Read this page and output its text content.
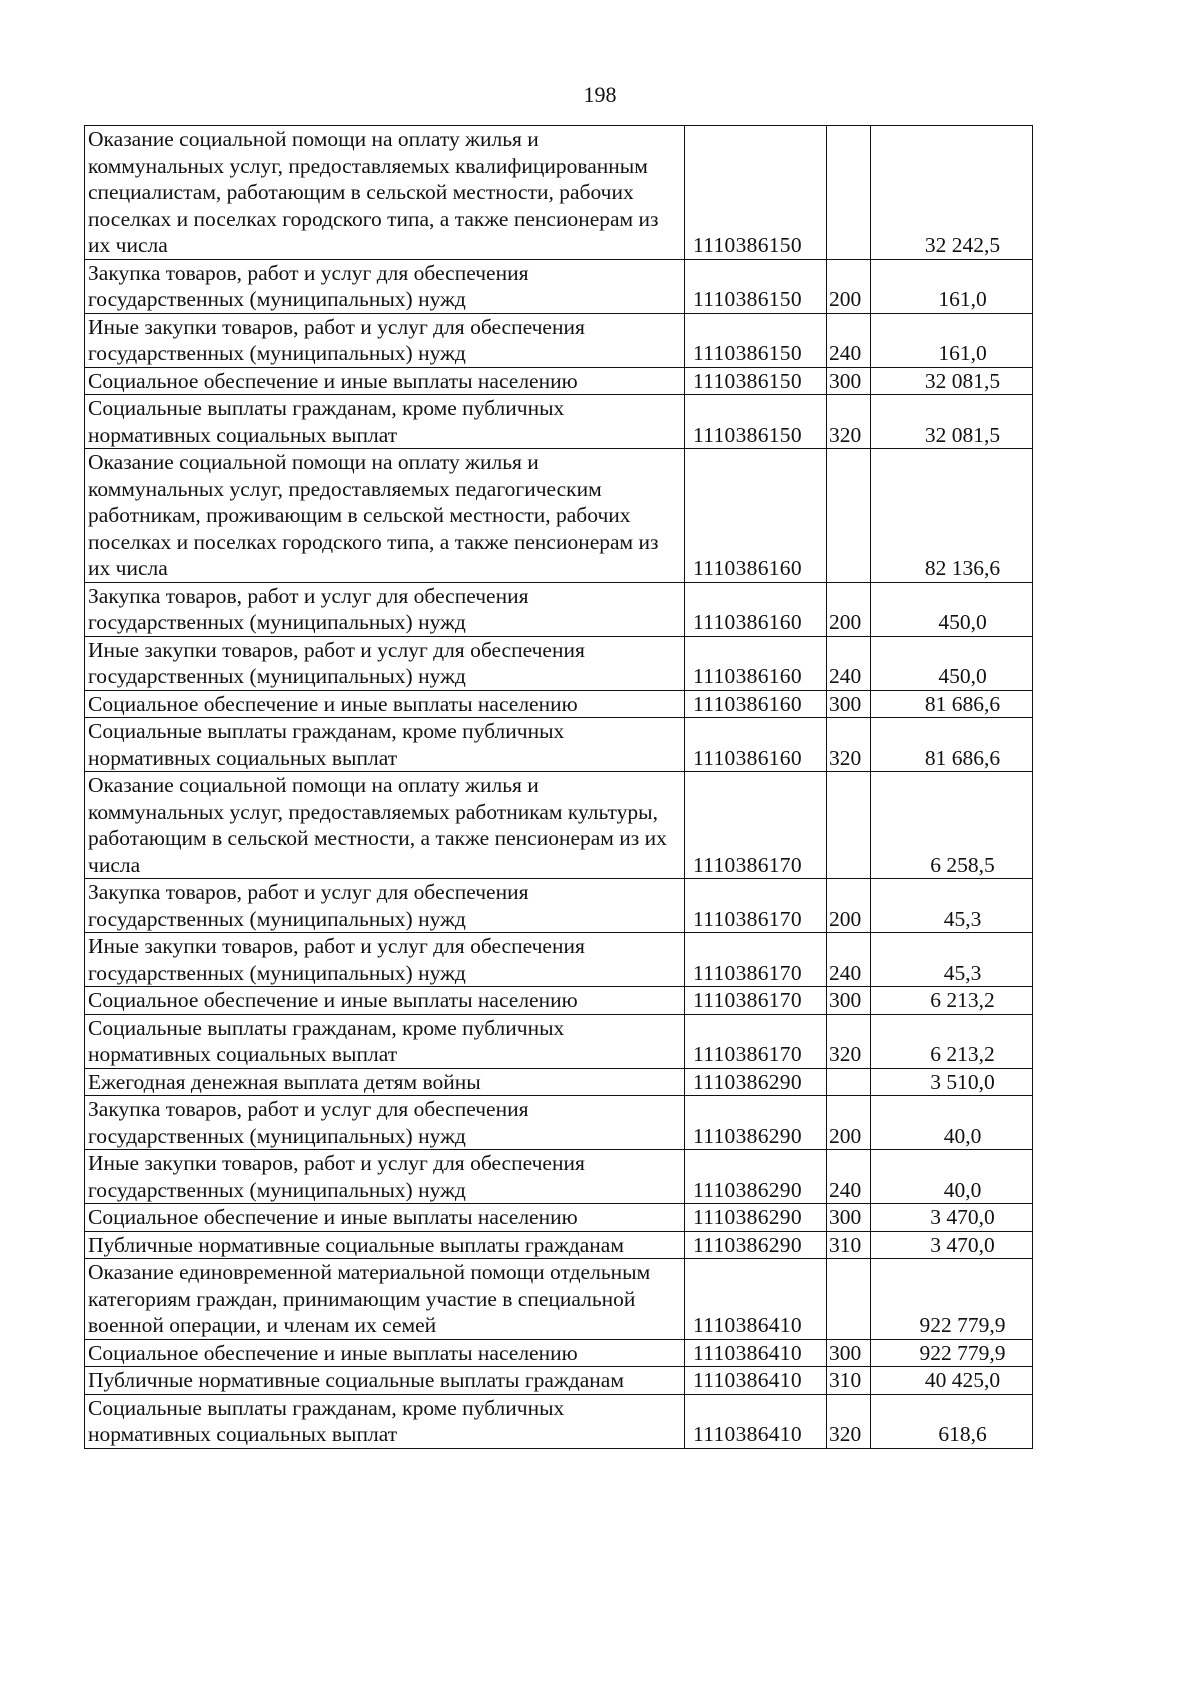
198
Оказание социальной помощи на оплату жилья и коммунальных услуг, предоставляемых квалифицированным специалистам, работающим в сельской местности, рабочих поселках и поселках городского типа, а также пенсионерам из их числа	1110386150		32 242,5
Закупка товаров, работ и услуг для обеспечения государственных (муниципальных) нужд	1110386150	200	161,0
Иные закупки товаров, работ и услуг для обеспечения государственных (муниципальных) нужд	1110386150	240	161,0
Социальное обеспечение и иные выплаты населению	1110386150	300	32 081,5
Социальные выплаты гражданам, кроме публичных нормативных социальных выплат	1110386150	320	32 081,5
Оказание социальной помощи на оплату жилья и коммунальных услуг, предоставляемых педагогическим работникам, проживающим в сельской местности, рабочих поселках и поселках городского типа, а также пенсионерам из их числа	1110386160		82 136,6
Закупка товаров, работ и услуг для обеспечения государственных (муниципальных) нужд	1110386160	200	450,0
Иные закупки товаров, работ и услуг для обеспечения государственных (муниципальных) нужд	1110386160	240	450,0
Социальное обеспечение и иные выплаты населению	1110386160	300	81 686,6
Социальные выплаты гражданам, кроме публичных нормативных социальных выплат	1110386160	320	81 686,6
Оказание социальной помощи на оплату жилья и коммунальных услуг, предоставляемых работникам культуры, работающим в сельской местности, а также пенсионерам из их числа	1110386170		6 258,5
Закупка товаров, работ и услуг для обеспечения государственных (муниципальных) нужд	1110386170	200	45,3
Иные закупки товаров, работ и услуг для обеспечения государственных (муниципальных) нужд	1110386170	240	45,3
Социальное обеспечение и иные выплаты населению	1110386170	300	6 213,2
Социальные выплаты гражданам, кроме публичных нормативных социальных выплат	1110386170	320	6 213,2
Ежегодная денежная выплата детям войны	1110386290		3 510,0
Закупка товаров, работ и услуг для обеспечения государственных (муниципальных) нужд	1110386290	200	40,0
Иные закупки товаров, работ и услуг для обеспечения государственных (муниципальных) нужд	1110386290	240	40,0
Социальное обеспечение и иные выплаты населению	1110386290	300	3 470,0
Публичные нормативные социальные выплаты гражданам	1110386290	310	3 470,0
Оказание единовременной материальной помощи отдельным категориям граждан, принимающим участие в специальной военной операции, и членам их семей	1110386410		922 779,9
Социальное обеспечение и иные выплаты населению	1110386410	300	922 779,9
Публичные нормативные социальные выплаты гражданам	1110386410	310	40 425,0
Социальные выплаты гражданам, кроме публичных нормативных социальных выплат	1110386410	320	618,6
